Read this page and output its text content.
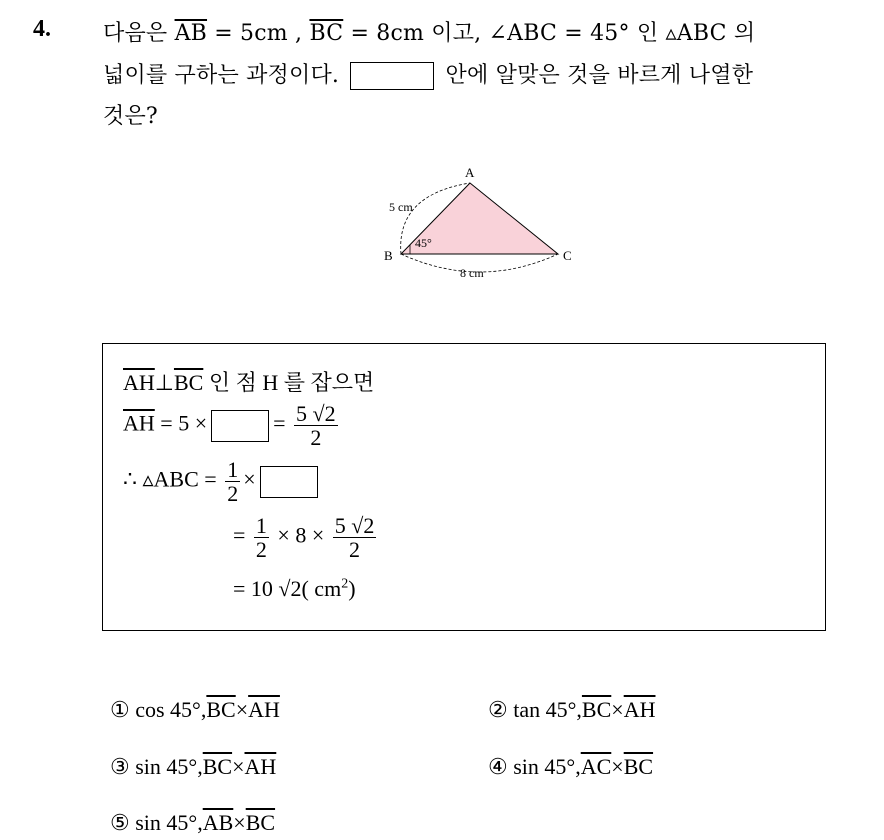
4. 다음은 $\overline{AB} = 5cm$ , $\overline{BC} = 8cm$ 이고, ∠ABC = 45° 인 ▵ABC 의
넓이를 구하는 과정이다.	안에 알맞은 것을 바르게 나열한
것은?
A
B	C
5 cm
8 cm
45°
$\overline{AH}\perp\overline{BC}$ 인 점 H 를 잡으면
$\overline{AH} = 5$ ×	= $\frac{5 √2}{2}$
∴ ▵ABC = $\frac{1}{2}$ ×
= $\frac{1}{2} \times 8 \times \frac{5 √2}{2}$
= 10 √2( $cm^2$)
① $\cos 45^\circ,\overline{BC}\times\overline{AH}$	② $\tan 45^\circ,\overline{BC}\times\overline{AH}$
③ $\sin 45^\circ,\overline{BC}\times\overline{AH}$	④ $\sin 45^\circ,\overline{AC}\times\overline{BC}$
⑤ $\sin 45^\circ,\overline{AB}\times\overline{BC}$
